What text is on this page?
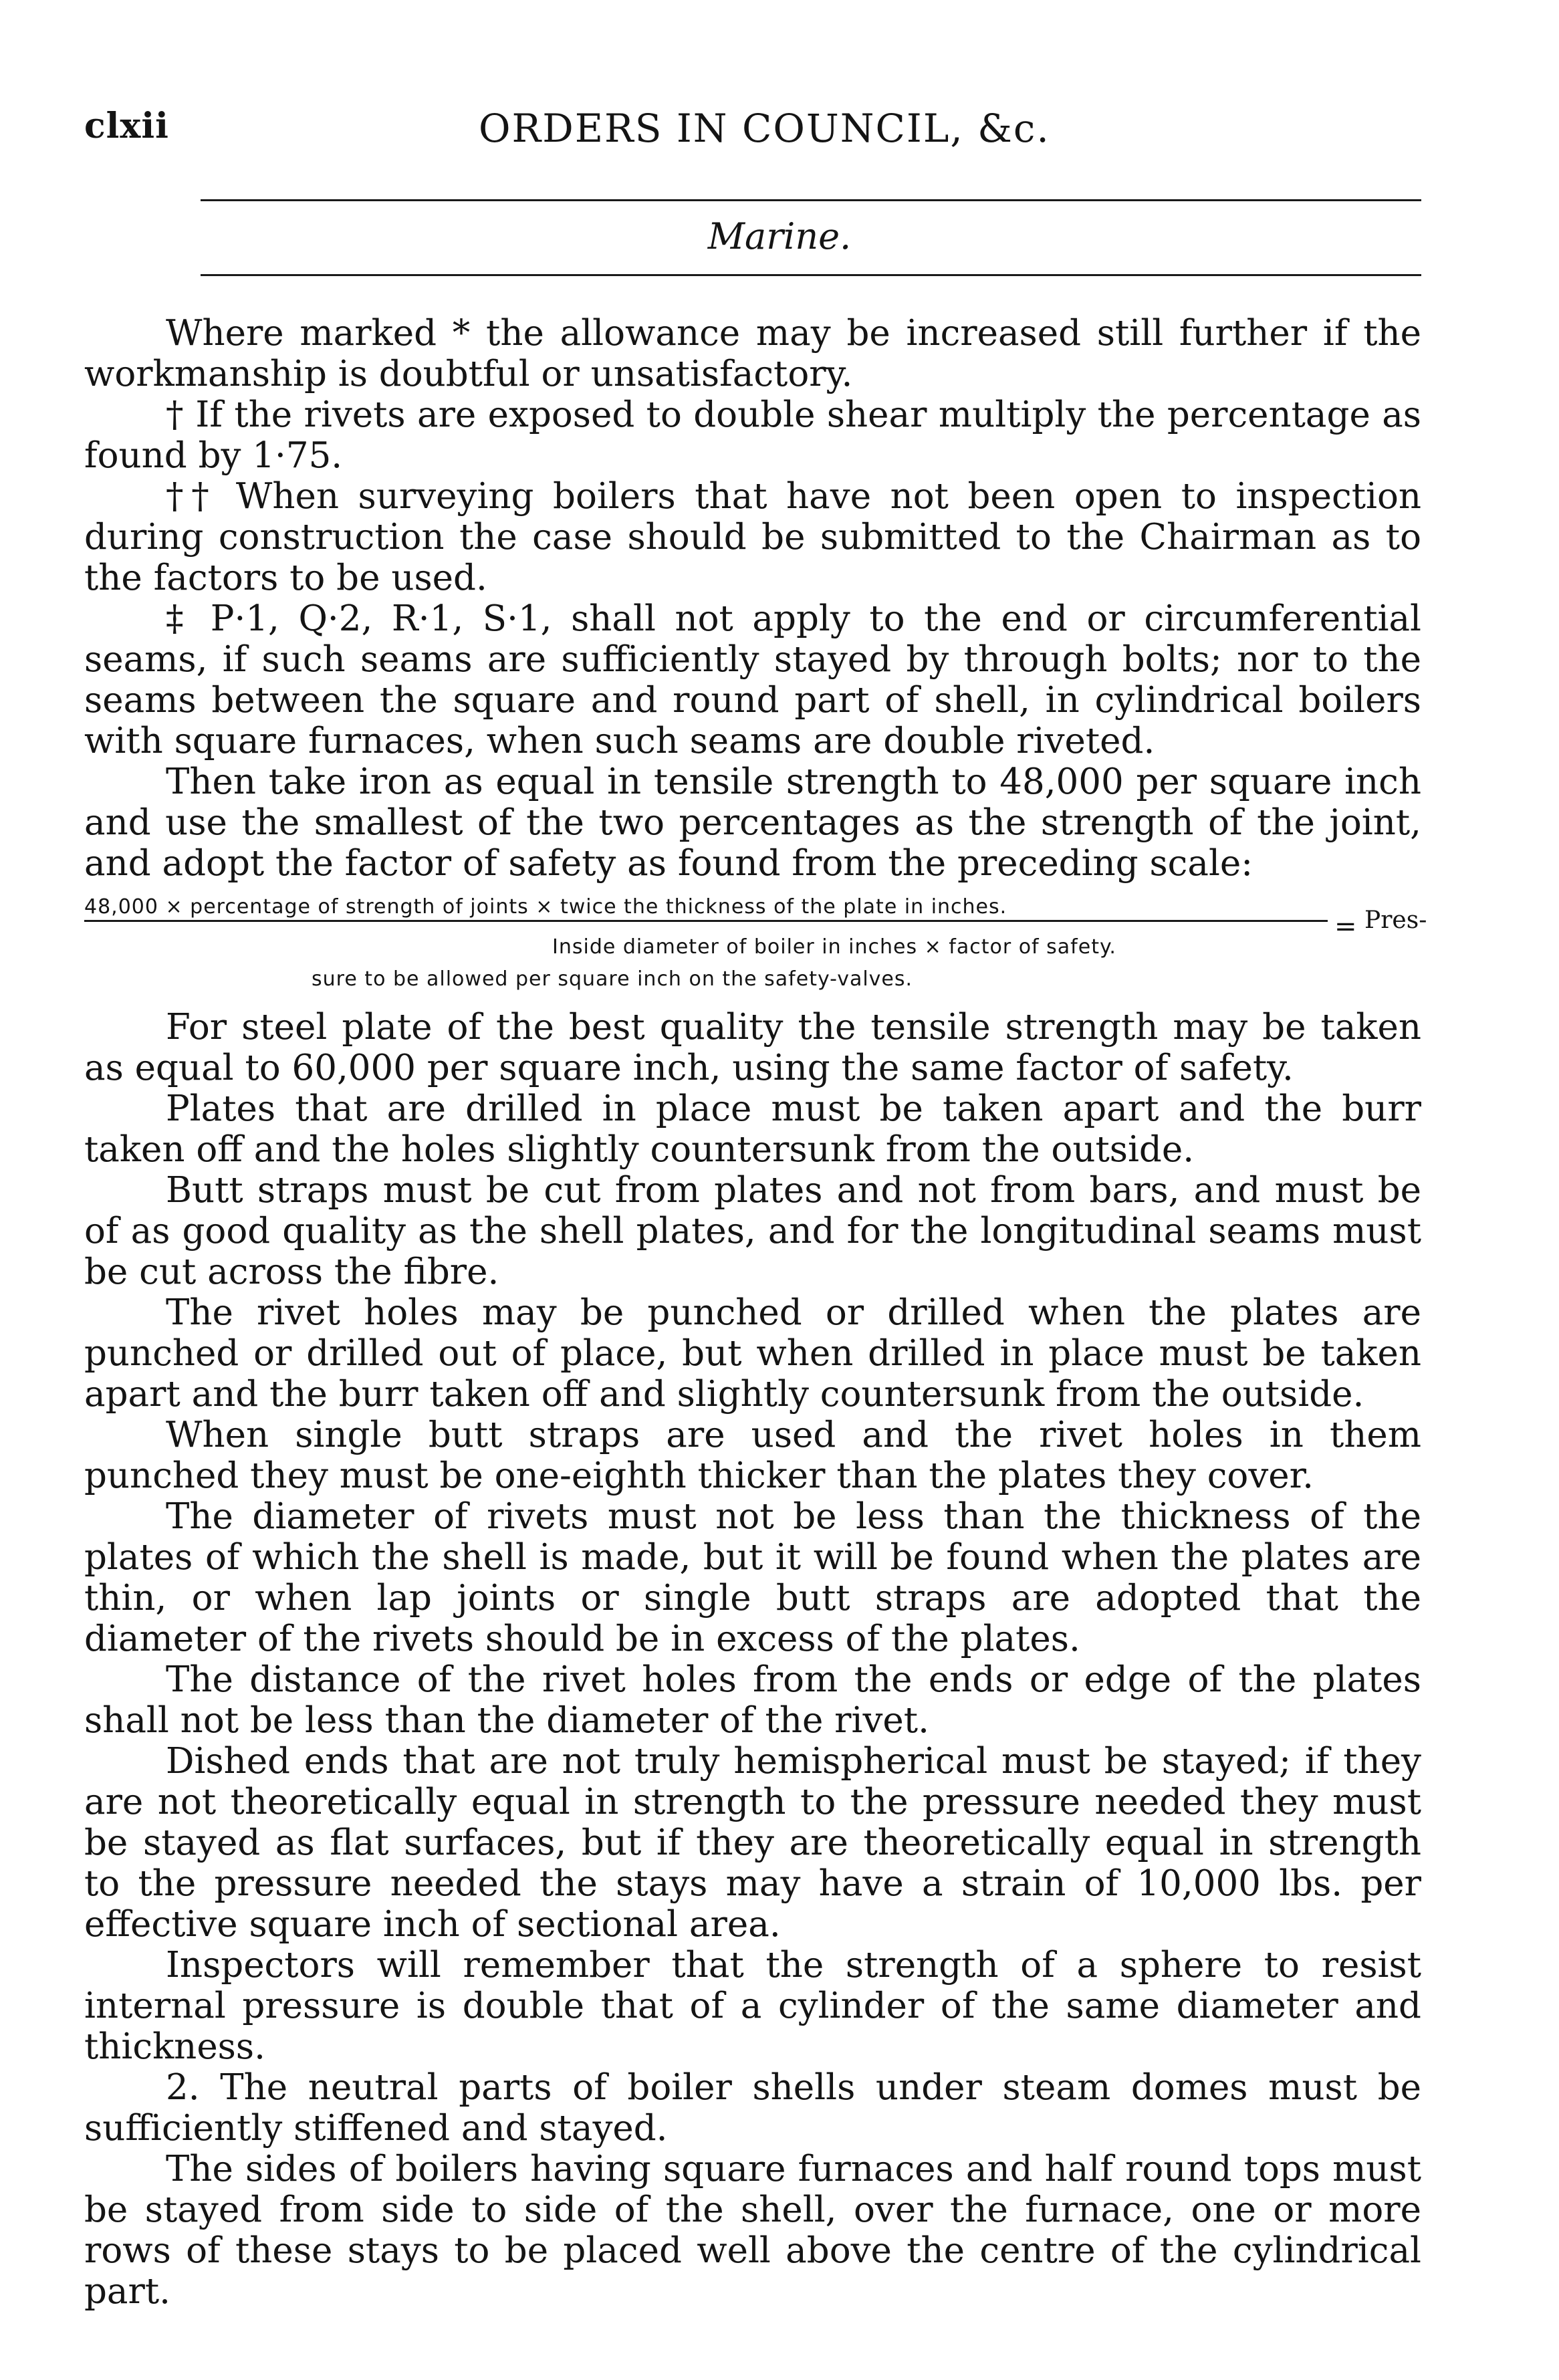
clxii	ORDERS IN COUNCIL, &c.
Marine.

Where marked * the allowance may be increased still further if the workmanship is doubtful or unsatisfactory.

† If the rivets are exposed to double shear multiply the percentage as found by 1·75.

†† When surveying boilers that have not been open to inspection during construction the case should be submitted to the Chairman as to the factors to be used.

‡ P·1, Q·2, R·1, S·1, shall not apply to the end or circumferential seams, if such seams are sufficiently stayed by through bolts; nor to the seams between the square and round part of shell, in cylindrical boilers with square furnaces, when such seams are double riveted.

Then take iron as equal in tensile strength to 48,000 per square inch and use the smallest of the two percentages as the strength of the joint, and adopt the factor of safety as found from the preceding scale:

48,000 × percentage of strength of joints × twice the thickness of the plate in inches.
Inside diameter of boiler in inches × factor of safety.
= Pres-
sure to be allowed per square inch on the safety-valves.

For steel plate of the best quality the tensile strength may be taken as equal to 60,000 per square inch, using the same factor of safety.

Plates that are drilled in place must be taken apart and the burr taken off and the holes slightly countersunk from the outside.

Butt straps must be cut from plates and not from bars, and must be of as good quality as the shell plates, and for the longitudinal seams must be cut across the fibre.

The rivet holes may be punched or drilled when the plates are punched or drilled out of place, but when drilled in place must be taken apart and the burr taken off and slightly countersunk from the outside.

When single butt straps are used and the rivet holes in them punched they must be one-eighth thicker than the plates they cover.

The diameter of rivets must not be less than the thickness of the plates of which the shell is made, but it will be found when the plates are thin, or when lap joints or single butt straps are adopted that the diameter of the rivets should be in excess of the plates.

The distance of the rivet holes from the ends or edge of the plates shall not be less than the diameter of the rivet.

Dished ends that are not truly hemispherical must be stayed; if they are not theoretically equal in strength to the pressure needed they must be stayed as flat surfaces, but if they are theoretically equal in strength to the pressure needed the stays may have a strain of 10,000 lbs. per effective square inch of sectional area.

Inspectors will remember that the strength of a sphere to resist internal pressure is double that of a cylinder of the same diameter and thickness.

2. The neutral parts of boiler shells under steam domes must be sufficiently stiffened and stayed.

The sides of boilers having square furnaces and half round tops must be stayed from side to side of the shell, over the furnace, one or more rows of these stays to be placed well above the centre of the cylindrical part.
